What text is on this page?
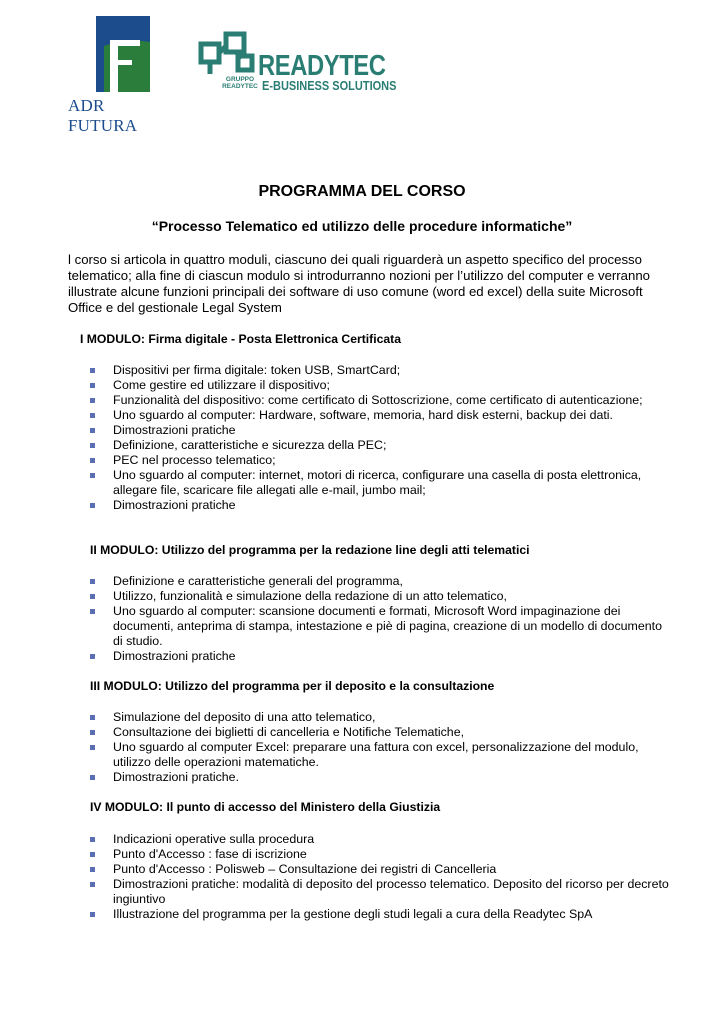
ADR FUTURA
READYTEC
E-BUSINESS SOLUTIONS
GRUPPO
READYTEC
PROGRAMMA DEL CORSO
“Processo Telematico ed utilizzo delle procedure informatiche”

l corso si articola in quattro moduli, ciascuno dei quali riguarderà un aspetto specifico del processo telematico; alla fine di ciascun modulo si introdurranno nozioni per l’utilizzo del computer e verranno illustrate alcune funzioni principali dei software di uso comune (word ed excel) della suite Microsoft Office e del gestionale Legal System

I MODULO: Firma digitale - Posta Elettronica Certificata
Dispositivi per firma digitale: token USB, SmartCard;
Come gestire ed utilizzare il dispositivo;
Funzionalità del dispositivo: come certificato di Sottoscrizione, come certificato di autenticazione;
Uno sguardo al computer: Hardware, software, memoria, hard disk esterni, backup dei dati.
Dimostrazioni pratiche
Definizione, caratteristiche e sicurezza della PEC;
PEC nel processo telematico;
Uno sguardo al computer: internet, motori di ricerca, configurare una casella di posta elettronica, allegare file, scaricare file allegati alle e-mail, jumbo mail;
Dimostrazioni pratiche
II MODULO: Utilizzo del programma per la redazione line degli atti telematici
Definizione e caratteristiche generali del programma,
Utilizzo, funzionalità e simulazione della redazione di un atto telematico,
Uno sguardo al computer: scansione documenti e formati, Microsoft Word impaginazione dei documenti, anteprima di stampa, intestazione e piè di pagina, creazione di un modello di documento di studio.
Dimostrazioni pratiche
III MODULO: Utilizzo del programma per il deposito e la consultazione
Simulazione del deposito di una atto telematico,
Consultazione dei biglietti di cancelleria e Notifiche Telematiche,
Uno sguardo al computer Excel: preparare una fattura con excel, personalizzazione del modulo, utilizzo delle operazioni matematiche.
Dimostrazioni pratiche.
IV MODULO: Il punto di accesso del Ministero della Giustizia
Indicazioni operative sulla procedura
Punto d'Accesso : fase di iscrizione
Punto d'Accesso : Polisweb – Consultazione dei registri di Cancelleria
Dimostrazioni pratiche: modalità di deposito del processo telematico. Deposito del ricorso per decreto ingiuntivo
Illustrazione del programma per la gestione degli studi legali a cura della Readytec SpA
